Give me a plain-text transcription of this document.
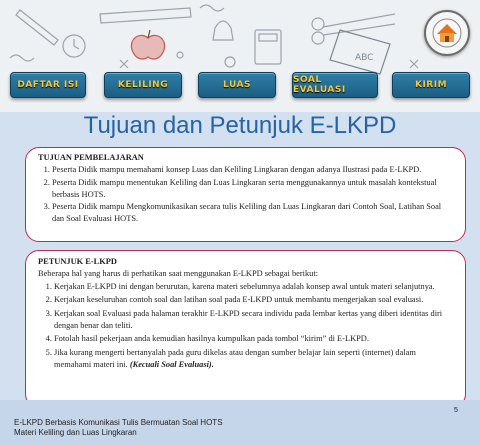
ABC
DAFTAR ISI	KELILING	LUAS	SOAL EVALUASI	KIRIM
Tujuan dan Petunjuk E-LKPD
TUJUAN PEMBELAJARAN
1. Peserta Didik mampu memahami konsep Luas dan Keliling Lingkaran dengan adanya Ilustrasi pada E-LKPD.
2. Peserta Didik mampu menentukan Keliling dan Luas Lingkaran serta menggunakannya untuk masalah kontekstual berbasis HOTS.
3. Peserta Didik mampu Mengkomunikasikan secara tulis Keliling dan Luas Lingkaran dari Contoh Soal, Latihan Soal dan Soal Evaluasi HOTS.
PETUNJUK E-LKPD

Beberapa hal yang harus di perhatikan saat menggunakan E-LKPD sebagai berikut:

1. Kerjakan E-LKPD ini dengan berurutan, karena materi sebelumnya adalah konsep awal untuk materi selanjutnya.
2. Kerjakan keseluruhan contoh soal dan latihan soal pada E-LKPD untuk membantu mengerjakan soal evaluasi.
3. Kerjakan soal Evaluasi pada halaman terakhir E-LKPD secara individu pada lembar kertas yang diberi identitas diri dengan benar dan teliti.
4. Fotolah hasil pekerjaan anda kemudian hasilnya kumpulkan pada tombol “kirim” di E-LKPD.
5. Jika kurang mengerti bertanyalah pada guru dikelas atau dengan sumber belajar lain seperti (internet) dalam memahami materi ini. (Kecuali Soal Evaluasi).
E-LKPD Berbasis Komunikasi Tulis Bermuatan Soal HOTS
Materi Keliling dan Luas Lingkaran
5
